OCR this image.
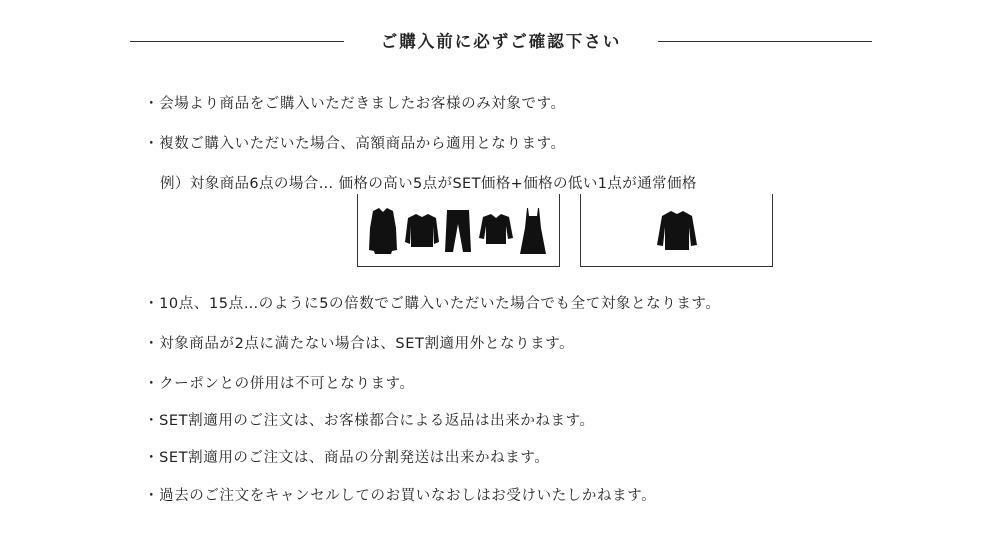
ご購入前に必ずご確認下さい
・会場より商品をご購入いただきましたお客様のみ対象です。
・複数ご購入いただいた場合、高額商品から適用となります。
・10点、15点…のように5の倍数でご購入いただいた場合でも全て対象となります。
・対象商品が2点に満たない場合は、SET割適用外となります。
・クーポンとの併用は不可となります。
・SET割適用のご注文は、お客様都合による返品は出来かねます。
・SET割適用のご注文は、商品の分割発送は出来かねます。
・過去のご注文をキャンセルしてのお買いなおしはお受けいたしかねます。
例）対象商品6点の場合… 価格の高い5点がSET価格+価格の低い1点が通常価格
